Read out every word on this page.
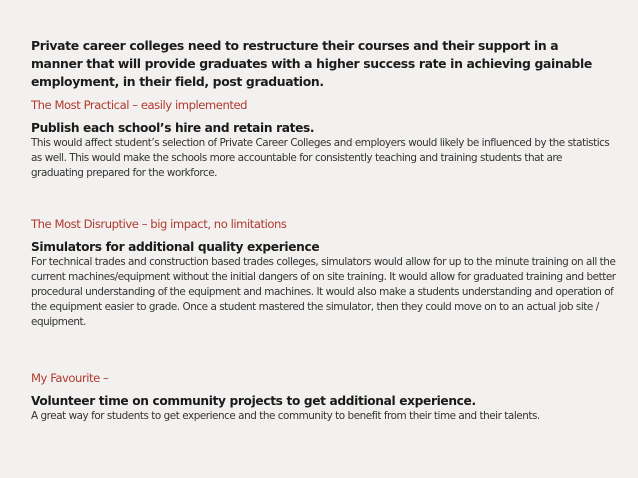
Private career colleges need to restructure their courses and their support in a manner that will provide graduates with a higher success rate in achieving gainable employment, in their field, post graduation.
The Most Practical – easily implemented
Publish each school’s hire and retain rates.
This would affect student’s selection of Private Career Colleges and employers would likely be influenced by the statistics as well. This would make the schools more accountable for consistently teaching and training students that are graduating prepared for the workforce.
The Most Disruptive – big impact, no limitations
Simulators for additional quality experience
For technical trades and construction based trades colleges, simulators would allow for up to the minute training on all the current machines/equipment without the initial dangers of on site training. It would allow for graduated training and better procedural understanding of the equipment and machines. It would also make a students understanding and operation of the equipment easier to grade. Once a student mastered the simulator, then they could move on to an actual job site / equipment.
My Favourite –
Volunteer time on community projects to get additional experience.
A great way for students to get experience and the community to benefit from their time and their talents.
